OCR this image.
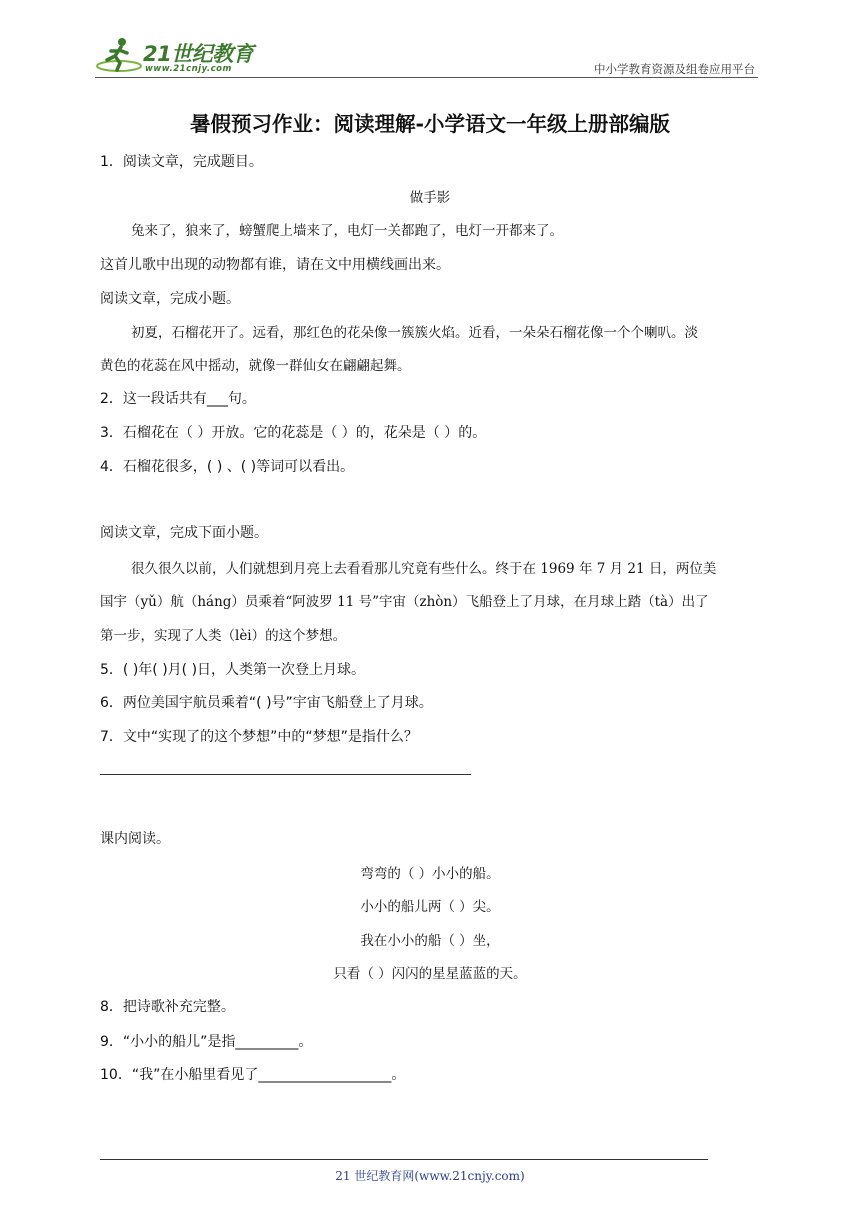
21世纪教育
www.21cnjy.com	中小学教育资源及组卷应用平台
暑假预习作业：阅读理解-小学语文一年级上册部编版
1．阅读文章，完成题目。
做手影
兔来了，狼来了，螃蟹爬上墙来了，电灯一关都跑了，电灯一开都来了。
这首儿歌中出现的动物都有谁，请在文中用横线画出来。
阅读文章，完成小题。
初夏，石榴花开了。远看，那红色的花朵像一簇簇火焰。近看，一朵朵石榴花像一个个喇叭。淡
黄色的花蕊在风中摇动，就像一群仙女在翩翩起舞。
2．这一段话共有___句。
3．石榴花在（ ）开放。它的花蕊是（ ）的，花朵是（ ）的。
4．石榴花很多，( ) 、( )等词可以看出。
阅读文章，完成下面小题。
很久很久以前，人们就想到月亮上去看看那儿究竟有些什么。终于在 1969 年 7 月 21 日，两位美
国宇（yǔ）航（háng）员乘着“阿波罗 11 号”宇宙（zhòn）飞船登上了月球，在月球上踏（tà）出了
第一步，实现了人类（lèi）的这个梦想。
5．( )年( )月( )日，人类第一次登上月球。
6．两位美国宇航员乘着“( )号”宇宙飞船登上了月球。
7．文中“实现了的这个梦想”中的“梦想”是指什么？
课内阅读。
弯弯的（ ）小小的船。
小小的船儿两（ ）尖。
我在小小的船（ ）坐，
只看（ ）闪闪的星星蓝蓝的天。
8．把诗歌补充完整。
9．“小小的船儿”是指_________。
10．“我”在小船里看见了___________________。
21 世纪教育网(www.21cnjy.com)
